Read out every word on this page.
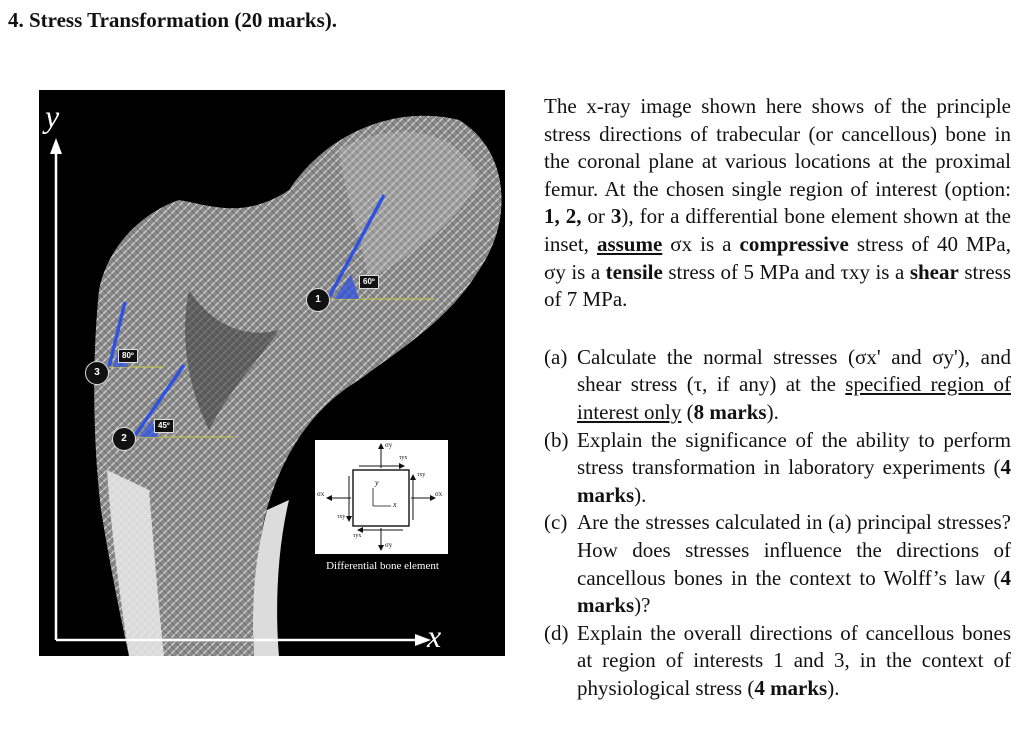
4. Stress Transformation (20 marks).
y
x
1
2
3
60º
45º
80º
σy
σy
σx	σx
τyx
τxy
τxy
τyx
y
x
Differential bone element

The x-ray image shown here shows of the principle stress directions of trabecular (or cancellous) bone in the coronal plane at various locations at the proximal femur. At the chosen single region of interest (option: 1, 2, or 3), for a differential bone element shown at the inset, assume σx is a compressive stress of 40 MPa, σy is a tensile stress of 5 MPa and τxy is a shear stress of 7 MPa.

(a) Calculate the normal stresses (σx' and σy'), and shear stress (τ, if any) at the specified region of interest only (8 marks).
(b) Explain the significance of the ability to perform stress transformation in laboratory experiments (4 marks).
(c) Are the stresses calculated in (a) principal stresses? How does stresses influence the directions of cancellous bones in the context to Wolff’s law (4 marks)?
(d) Explain the overall directions of cancellous bones at region of interests 1 and 3, in the context of physiological stress (4 marks).
